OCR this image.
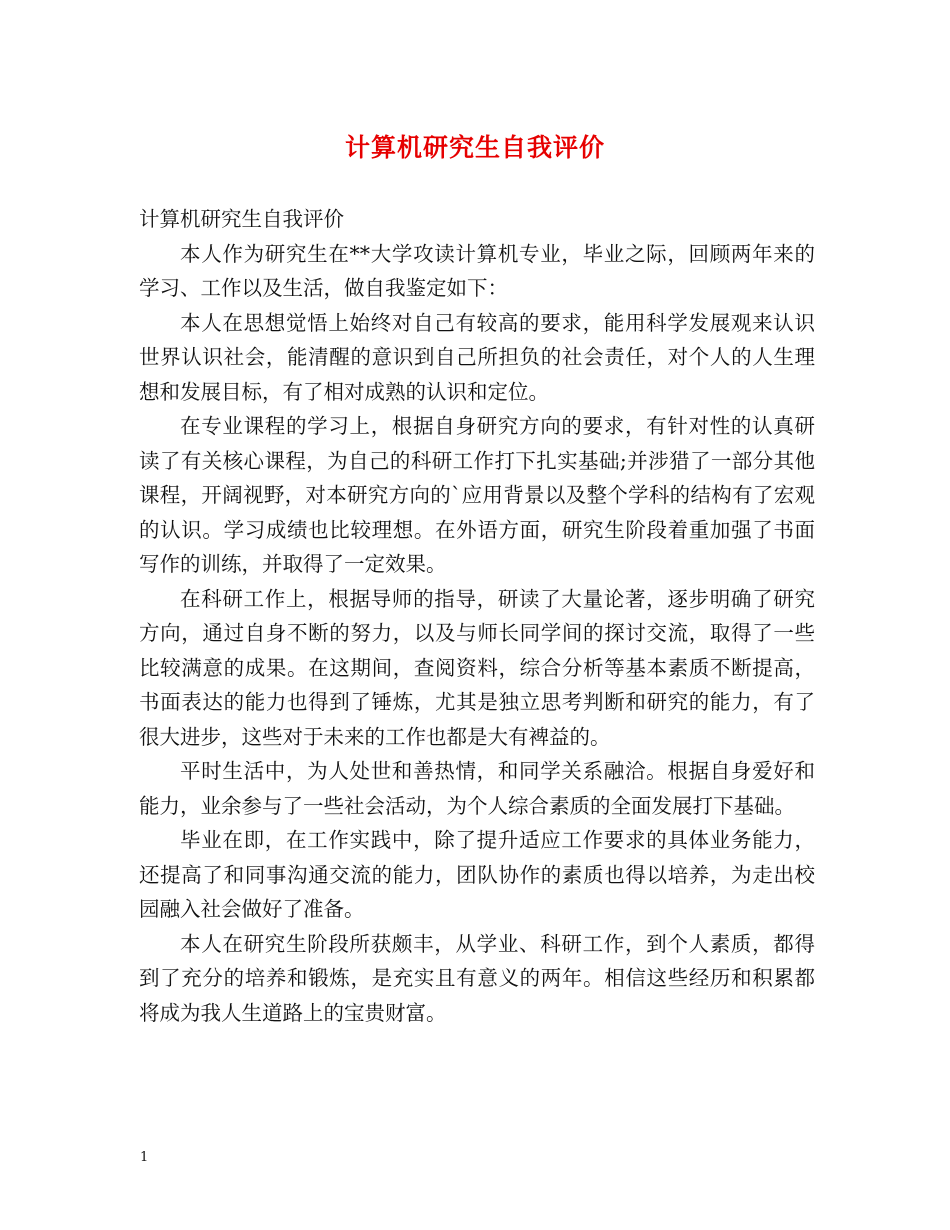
计算机研究生自我评价

计算机研究生自我评价

本人作为研究生在**大学攻读计算机专业，毕业之际，回顾两年来的学习、工作以及生活，做自我鉴定如下：

本人在思想觉悟上始终对自己有较高的要求，能用科学发展观来认识世界认识社会，能清醒的意识到自己所担负的社会责任，对个人的人生理想和发展目标，有了相对成熟的认识和定位。

在专业课程的学习上，根据自身研究方向的要求，有针对性的认真研读了有关核心课程，为自己的科研工作打下扎实基础;并涉猎了一部分其他课程，开阔视野，对本研究方向的`应用背景以及整个学科的结构有了宏观的认识。学习成绩也比较理想。在外语方面，研究生阶段着重加强了书面写作的训练，并取得了一定效果。

在科研工作上，根据导师的指导，研读了大量论著，逐步明确了研究方向，通过自身不断的努力，以及与师长同学间的探讨交流，取得了一些比较满意的成果。在这期间，查阅资料，综合分析等基本素质不断提高，书面表达的能力也得到了锤炼，尤其是独立思考判断和研究的能力，有了很大进步，这些对于未来的工作也都是大有裨益的。

平时生活中，为人处世和善热情，和同学关系融洽。根据自身爱好和能力，业余参与了一些社会活动，为个人综合素质的全面发展打下基础。

毕业在即，在工作实践中，除了提升适应工作要求的具体业务能力，还提高了和同事沟通交流的能力，团队协作的素质也得以培养，为走出校园融入社会做好了准备。

本人在研究生阶段所获颇丰，从学业、科研工作，到个人素质，都得到了充分的培养和锻炼，是充实且有意义的两年。相信这些经历和积累都将成为我人生道路上的宝贵财富。

1
